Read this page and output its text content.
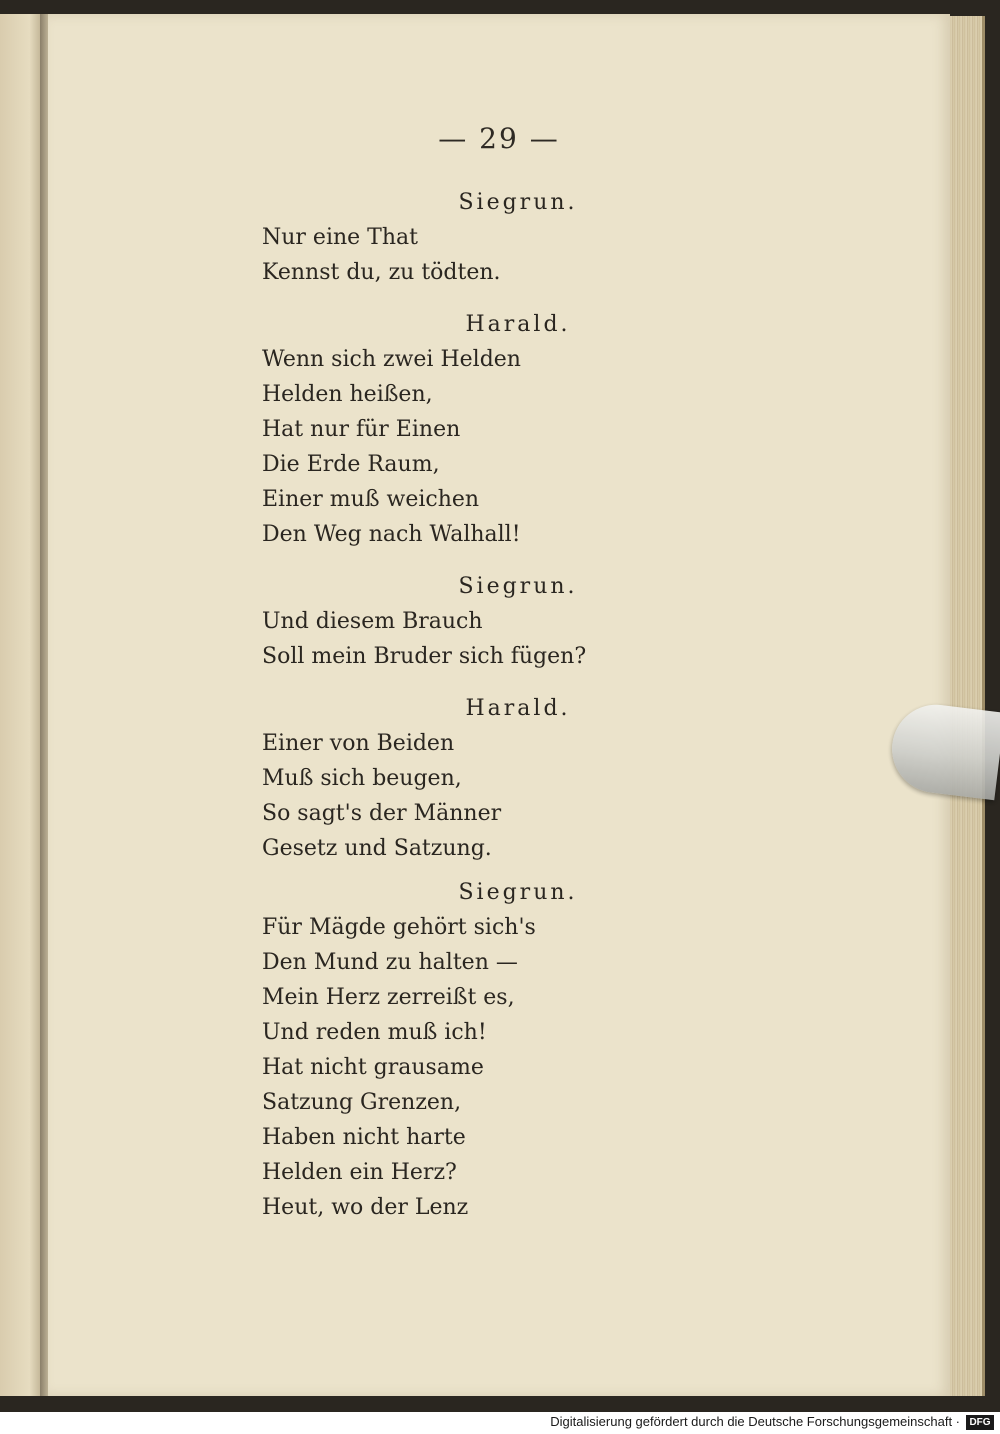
— 29 —
Siegrun.
Nur eine That
Kennst du, zu tödten.
Harald.
Wenn sich zwei Helden
Helden heißen,
Hat nur für Einen
Die Erde Raum,
Einer muß weichen
Den Weg nach Walhall!
Siegrun.
Und diesem Brauch
Soll mein Bruder sich fügen?
Harald.
Einer von Beiden
Muß sich beugen,
So sagt's der Männer
Gesetz und Satzung.
Siegrun.
Für Mägde gehört sich's
Den Mund zu halten —
Mein Herz zerreißt es,
Und reden muß ich!
Hat nicht grausame
Satzung Grenzen,
Haben nicht harte
Helden ein Herz?
Heut, wo der Lenz
Digitalisierung gefördert durch die Deutsche Forschungsgemeinschaft · DFG
